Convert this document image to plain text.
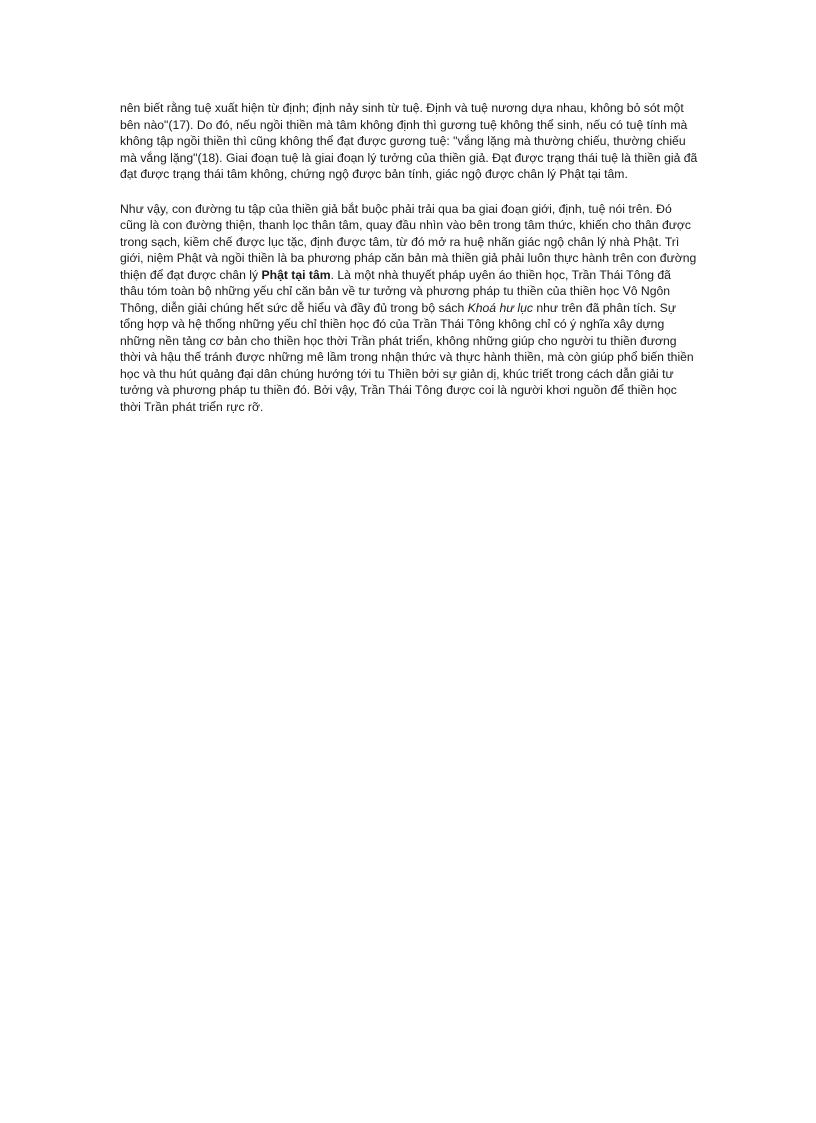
nên biết rằng tuệ xuất hiện từ định; định nảy sinh từ tuệ. Định và tuệ nương dựa nhau, không bỏ sót một bên nào"(17). Do đó, nếu ngồi thiền mà tâm không định thì gương tuệ không thể sinh, nếu có tuệ tính mà không tập ngồi thiền thì cũng không thể đạt được gương tuệ: "vắng lặng mà thường chiếu, thường chiếu mà vắng lặng"(18). Giai đoạn tuệ là giai đoạn lý tưởng của thiền giả. Đạt được trạng thái tuệ là thiền giả đã đạt được trạng thái tâm không, chứng ngộ được bản tính, giác ngộ được chân lý Phật tại tâm.

Như vậy, con đường tu tập của thiền giả bắt buộc phải trải qua ba giai đoạn giới, định, tuệ nói trên. Đó cũng là con đường thiện, thanh lọc thân tâm, quay đầu nhìn vào bên trong tâm thức, khiến cho thân được trong sạch, kiềm chế được lục tặc, định được tâm, từ đó mở ra huệ nhãn giác ngộ chân lý nhà Phật. Trì giới, niệm Phật và ngồi thiền là ba phương pháp căn bản mà thiền giả phải luôn thực hành trên con đường thiện để đạt được chân lý Phật tại tâm. Là một nhà thuyết pháp uyên áo thiền học, Trần Thái Tông đã thâu tóm toàn bộ những yếu chỉ căn bản về tư tưởng và phương pháp tu thiền của thiền học Vô Ngôn Thông, diễn giải chúng hết sức dễ hiểu và đầy đủ trong bộ sách Khoá hư lục như trên đã phân tích. Sự tổng hợp và hệ thống những yếu chỉ thiền học đó của Trần Thái Tông không chỉ có ý nghĩa xây dựng những nền tảng cơ bản cho thiền học thời Trần phát triển, không những giúp cho người tu thiền đương thời và hậu thế tránh được những mê lầm trong nhận thức và thực hành thiền, mà còn giúp phổ biến thiền học và thu hút quảng đại dân chúng hướng tới tu Thiền bởi sự giản dị, khúc triết trong cách dẫn giải tư tưởng và phương pháp tu thiền đó. Bởi vậy, Trần Thái Tông được coi là người khơi nguồn để thiền học thời Trần phát triển rực rỡ.
